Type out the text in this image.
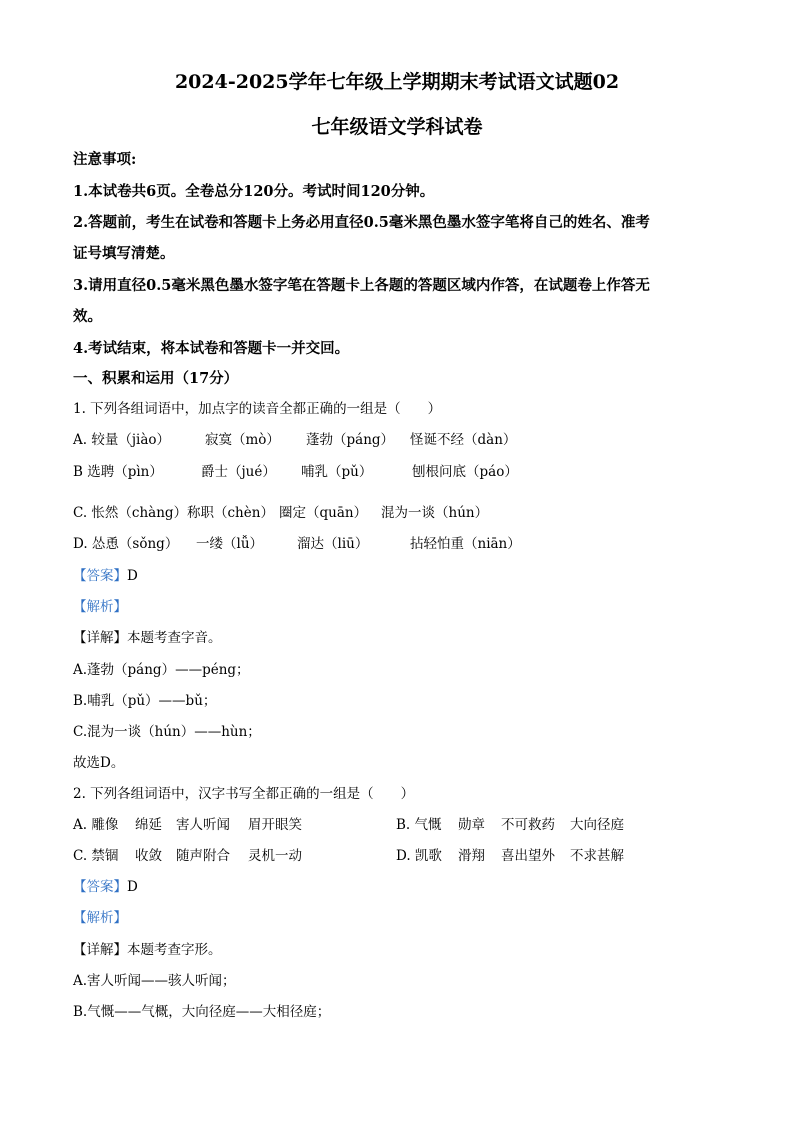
2024-2025学年七年级上学期期末考试语文试题02
七年级语文学科试卷
注意事项:
1.本试卷共6页。全卷总分120分。考试时间120分钟。
2.答题前，考生在试卷和答题卡上务必用直径0.5毫米黑色墨水签字笔将自己的姓名、准考
证号填写清楚。
3.请用直径0.5毫米黑色墨水签字笔在答题卡上各题的答题区域内作答，在试题卷上作答无
效。
4.考试结束，将本试卷和答题卡一并交回。
一、积累和运用（17分）
1. 下列各组词语中，加点字的读音全都正确的一组是（　　）
A. 较量（jiào）	寂寞（mò） 蓬勃（páng） 怪诞不经（dàn）
B 选聘（pìn）	爵士（jué） 哺乳（pǔ）	刨根问底（páo）
C. 怅然（chàng） 称职（chèn） 圈定（quān） 混为一谈（hún）
D. 怂恿（sǒng） 一缕（lǚ）	溜达（liū）	拈轻怕重（niān）
【答案】D
【解析】
【详解】本题考查字音。
A.蓬勃（páng）——péng；
B.哺乳（pǔ）——bǔ；
C.混为一谈（hún）——hùn；
故选D。
2. 下列各组词语中，汉字书写全都正确的一组是（　　）
A. 雕像 绵延 害人听闻 眉开眼笑	B. 气慨 勋章 不可救药 大向径庭
C. 禁锢 收敛 随声附合 灵机一动	D. 凯歌 滑翔 喜出望外 不求甚解
【答案】D
【解析】
【详解】本题考查字形。
A.害人听闻——骇人听闻；
B.气慨——气概，大向径庭——大相径庭；
